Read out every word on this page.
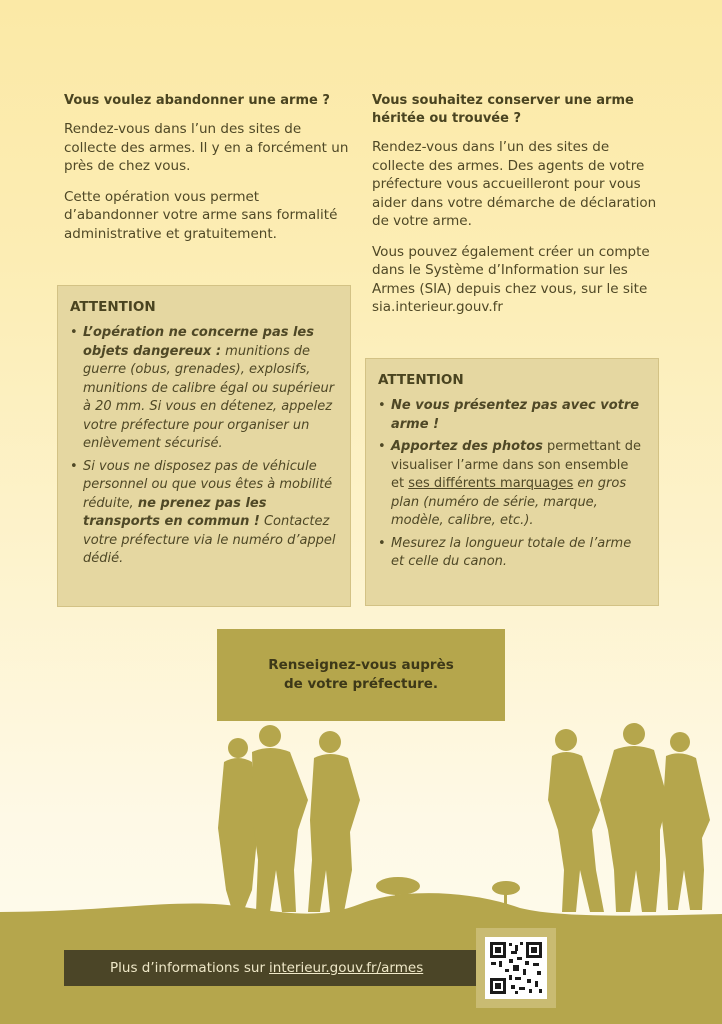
Vous voulez abandonner une arme ?

Rendez-vous dans l’un des sites de collecte des armes. Il y en a forcément un près de chez vous.

Cette opération vous permet d’abandonner votre arme sans formalité administrative et gratuitement.

Vous souhaitez conserver une arme héritée ou trouvée ?

Rendez-vous dans l’un des sites de collecte des armes. Des agents de votre préfecture vous accueilleront pour vous aider dans votre démarche de déclaration de votre arme.

Vous pouvez également créer un compte dans le Système d’Information sur les Armes (SIA) depuis chez vous, sur le site sia.interieur.gouv.fr

ATTENTION
• L’opération ne concerne pas les objets dangereux : munitions de guerre (obus, grenades), explosifs, munitions de calibre égal ou supérieur à 20 mm. Si vous en détenez, appelez votre préfecture pour organiser un enlèvement sécurisé.
• Si vous ne disposez pas de véhicule personnel ou que vous êtes à mobilité réduite, ne prenez pas les transports en commun ! Contactez votre préfecture via le numéro d’appel dédié.
ATTENTION
• Ne vous présentez pas avec votre arme !
• Apportez des photos permettant de visualiser l’arme dans son ensemble et ses différents marquages en gros plan (numéro de série, marque, modèle, calibre, etc.).
• Mesurez la longueur totale de l’arme et celle du canon.
Renseignez-vous auprès
de votre préfecture.
Plus d’informations sur interieur.gouv.fr/armes
